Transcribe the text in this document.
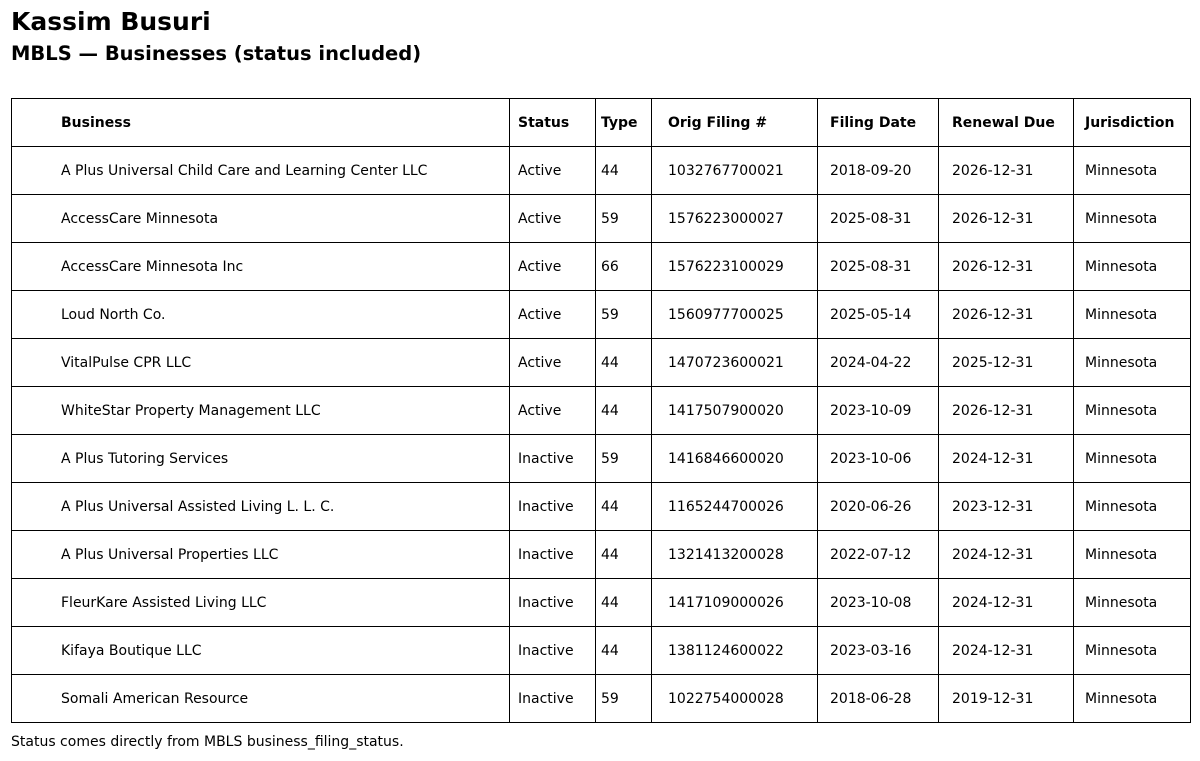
Kassim Busuri
MBLS — Businesses (status included)
Business	Status	Type	Orig Filing #	Filing Date	Renewal Due	Jurisdiction
A Plus Universal Child Care and Learning Center LLC	Active	44	1032767700021	2018-09-20	2026-12-31	Minnesota
AccessCare Minnesota	Active	59	1576223000027	2025-08-31	2026-12-31	Minnesota
AccessCare Minnesota Inc	Active	66	1576223100029	2025-08-31	2026-12-31	Minnesota
Loud North Co.	Active	59	1560977700025	2025-05-14	2026-12-31	Minnesota
VitalPulse CPR LLC	Active	44	1470723600021	2024-04-22	2025-12-31	Minnesota
WhiteStar Property Management LLC	Active	44	1417507900020	2023-10-09	2026-12-31	Minnesota
A Plus Tutoring Services	Inactive	59	1416846600020	2023-10-06	2024-12-31	Minnesota
A Plus Universal Assisted Living L. L. C.	Inactive	44	1165244700026	2020-06-26	2023-12-31	Minnesota
A Plus Universal Properties LLC	Inactive	44	1321413200028	2022-07-12	2024-12-31	Minnesota
FleurKare Assisted Living LLC	Inactive	44	1417109000026	2023-10-08	2024-12-31	Minnesota
Kifaya Boutique LLC	Inactive	44	1381124600022	2023-03-16	2024-12-31	Minnesota
Somali American Resource	Inactive	59	1022754000028	2018-06-28	2019-12-31	Minnesota
Status comes directly from MBLS business_filing_status.
